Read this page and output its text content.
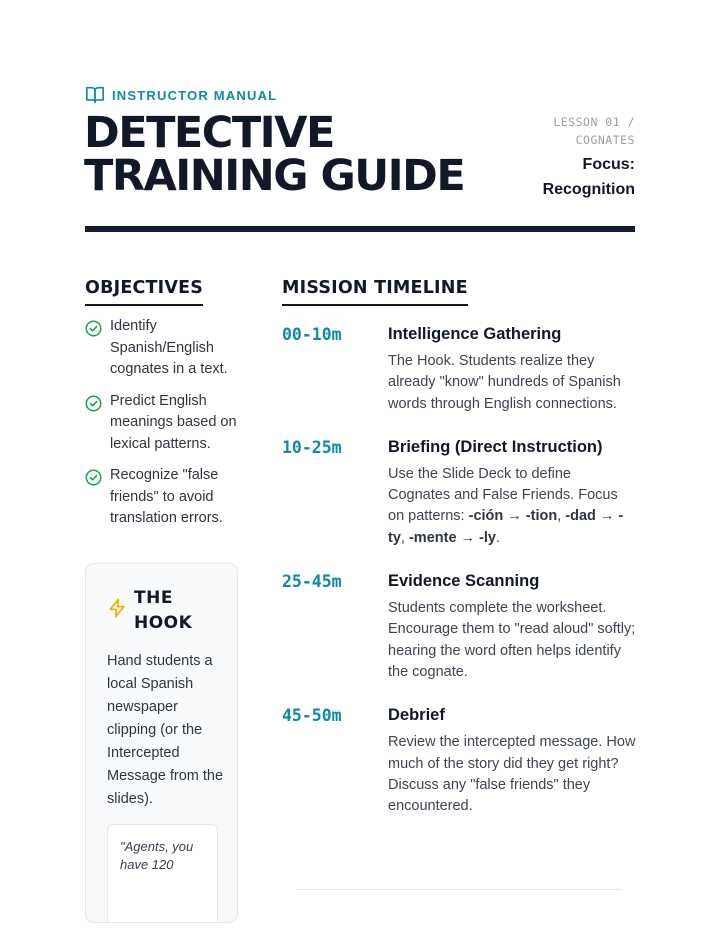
INSTRUCTOR MANUAL
DETECTIVE
TRAINING GUIDE
LESSON 01 /
COGNATES
Focus:
Recognition
OBJECTIVES
Identify Spanish/English cognates in a text.
Predict English meanings based on lexical patterns.
Recognize "false friends" to avoid translation errors.
THE
HOOK
Hand students a local Spanish newspaper clipping (or the Intercepted Message from the slides).
"Agents, you have 120
MISSION TIMELINE
00-10m	Intelligence Gathering
The Hook. Students realize they already "know" hundreds of Spanish words through English connections.
10-25m	Briefing (Direct Instruction)
Use the Slide Deck to define Cognates and False Friends. Focus on patterns: -ción → -tion, -dad → -ty, -mente → -ly.
25-45m	Evidence Scanning
Students complete the worksheet. Encourage them to "read aloud" softly; hearing the word often helps identify the cognate.
45-50m	Debrief
Review the intercepted message. How much of the story did they get right? Discuss any "false friends" they encountered.
